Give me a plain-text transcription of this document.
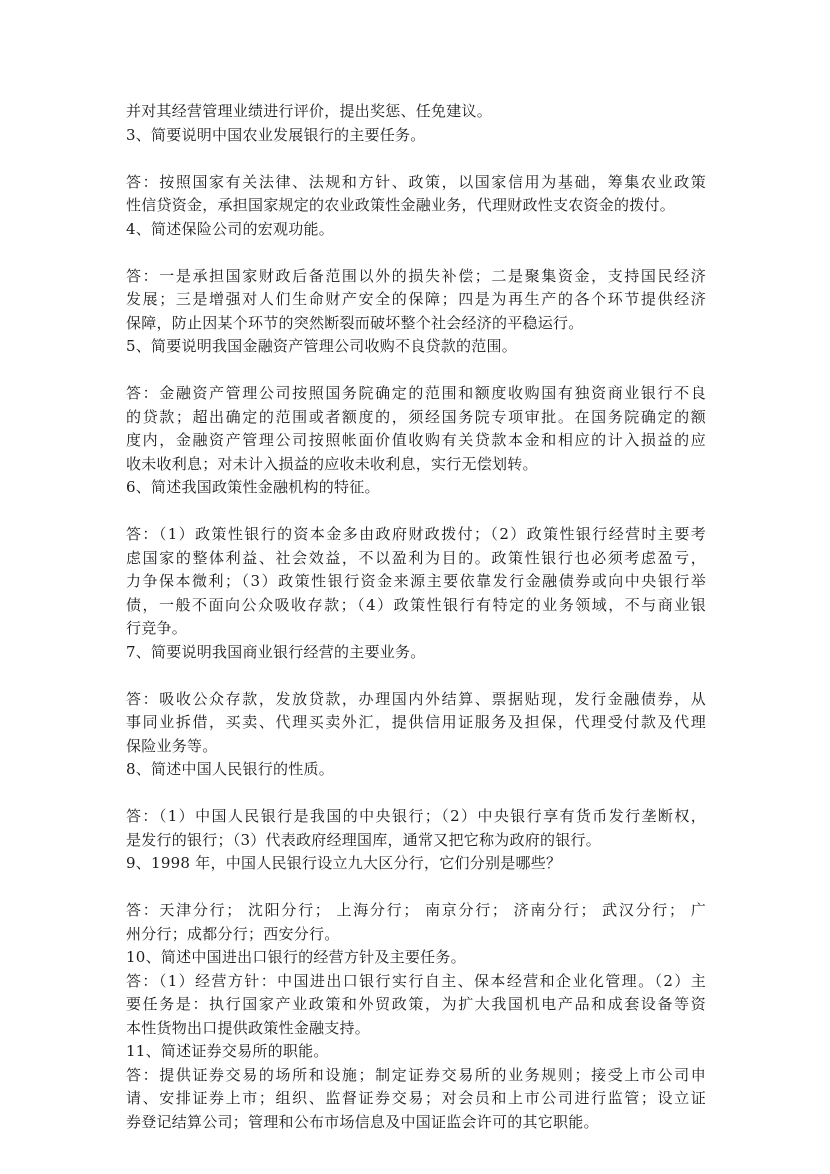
并对其经营管理业绩进行评价，提出奖惩、任免建议。
3、简要说明中国农业发展银行的主要任务。
答：按照国家有关法律、法规和方针、政策，以国家信用为基础，筹集农业政策
性信贷资金，承担国家规定的农业政策性金融业务，代理财政性支农资金的拨付。
4、简述保险公司的宏观功能。
答：一是承担国家财政后备范围以外的损失补偿；二是聚集资金，支持国民经济
发展；三是增强对人们生命财产安全的保障；四是为再生产的各个环节提供经济
保障，防止因某个环节的突然断裂而破坏整个社会经济的平稳运行。
5、简要说明我国金融资产管理公司收购不良贷款的范围。
答：金融资产管理公司按照国务院确定的范围和额度收购国有独资商业银行不良
的贷款；超出确定的范围或者额度的，须经国务院专项审批。在国务院确定的额
度内，金融资产管理公司按照帐面价值收购有关贷款本金和相应的计入损益的应
收未收利息；对未计入损益的应收未收利息，实行无偿划转。
6、简述我国政策性金融机构的特征。
答：（1）政策性银行的资本金多由政府财政拨付；（2）政策性银行经营时主要考
虑国家的整体利益、社会效益，不以盈利为目的。政策性银行也必须考虑盈亏，
力争保本微利；（3）政策性银行资金来源主要依靠发行金融债券或向中央银行举
债，一般不面向公众吸收存款；（4）政策性银行有特定的业务领域，不与商业银
行竞争。
7、简要说明我国商业银行经营的主要业务。
答：吸收公众存款，发放贷款，办理国内外结算、票据贴现，发行金融债券，从
事同业拆借，买卖、代理买卖外汇，提供信用证服务及担保，代理受付款及代理
保险业务等。
8、简述中国人民银行的性质。
答：（1）中国人民银行是我国的中央银行；（2）中央银行享有货币发行垄断权，
是发行的银行；（3）代表政府经理国库，通常又把它称为政府的银行。
9、1998 年，中国人民银行设立九大区分行，它们分别是哪些？
答：天津分行； 沈阳分行； 上海分行； 南京分行； 济南分行； 武汉分行； 广
州分行；成都分行；西安分行。
10、简述中国进出口银行的经营方针及主要任务。
答：（1）经营方针：中国进出口银行实行自主、保本经营和企业化管理。（2）主
要任务是：执行国家产业政策和外贸政策，为扩大我国机电产品和成套设备等资
本性货物出口提供政策性金融支持。
11、简述证券交易所的职能。
答：提供证券交易的场所和设施；制定证券交易所的业务规则；接受上市公司申
请、安排证券上市；组织、监督证券交易；对会员和上市公司进行监管；设立证
券登记结算公司；管理和公布市场信息及中国证监会许可的其它职能。
